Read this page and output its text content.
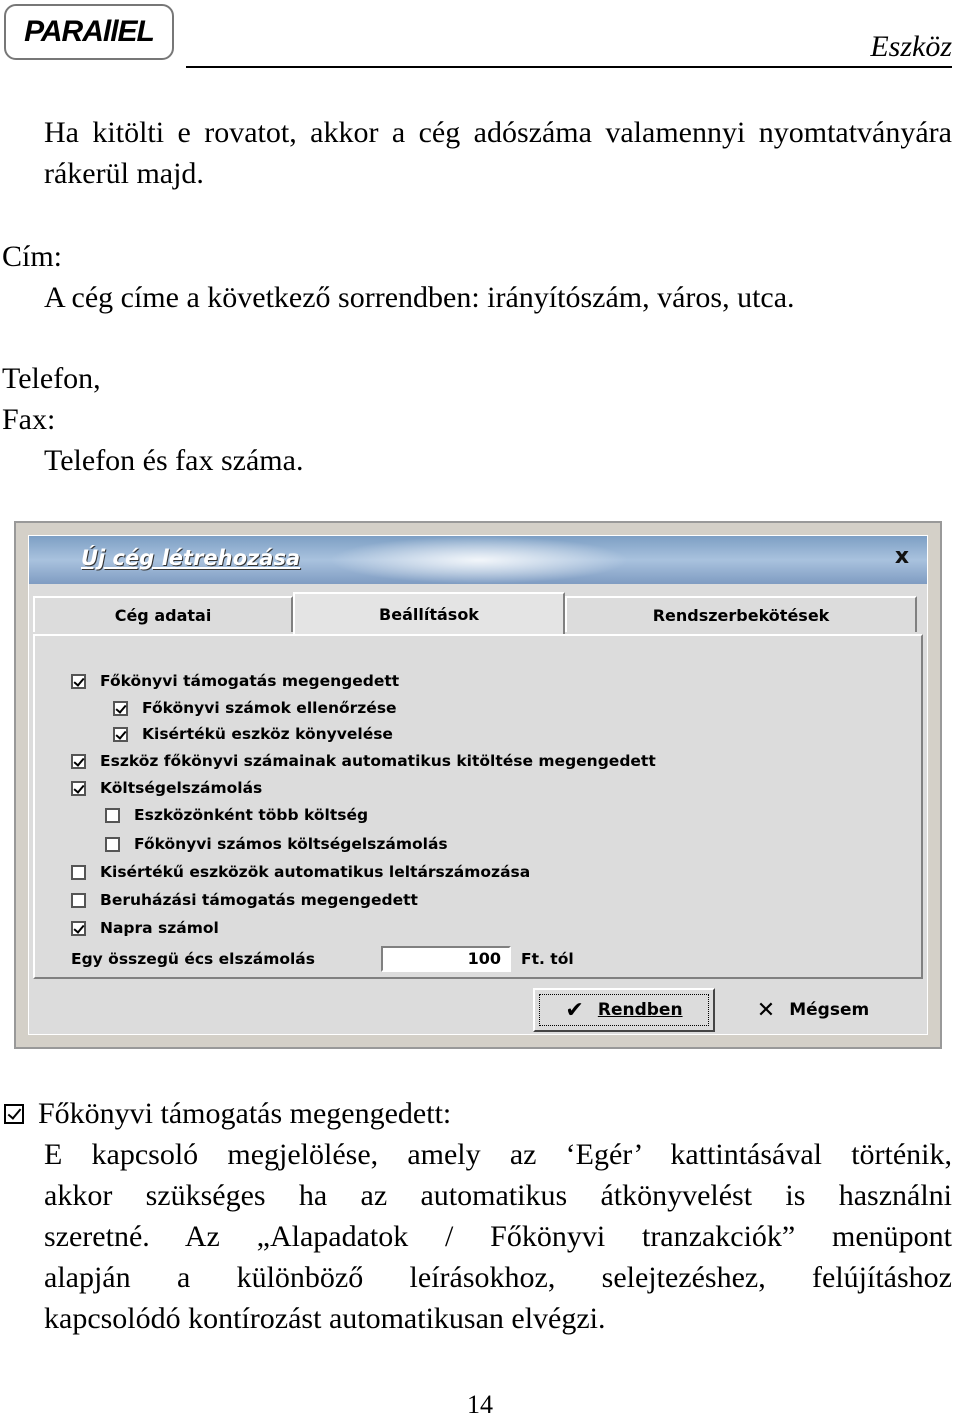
PARAllEL	Eszköz
Ha kitölti e rovatot, akkor a cég adószáma valamennyi nyomtatványára rákerül majd.
Cím:
A cég címe a következő sorrendben: irányítószám, város, utca.
Telefon,
Fax:
Telefon és fax száma.
Új cég létrehozása	x
Cég adatai	Beállítások	Rendszerbekötések
Főkönyvi támogatás megengedett
Főkönyvi számok ellenőrzése
Kisértékü eszköz könyvelése
Eszköz főkönyvi számainak automatikus kitöltése megengedett
Költségelszámolás
Eszközönként több költség
Főkönyvi számos költségelszámolás
Kisértékű eszközök automatikus leltárszámozása
Beruházási támogatás megengedett
Napra számol
Egy összegü écs elszámolás	100	Ft. tól
✔ Rendben	✕ Mégsem
Főkönyvi támogatás megengedett:
E kapcsoló megjelölése, amely az ‘Egér’ kattintásával történik,
akkor szükséges ha az automatikus átkönyvelést is használni
szeretné. Az „Alapadatok / Főkönyvi tranzakciók” menüpont
alapján a különböző leírásokhoz, selejtezéshez, felújításhoz
kapcsolódó kontírozást automatikusan elvégzi.
14
